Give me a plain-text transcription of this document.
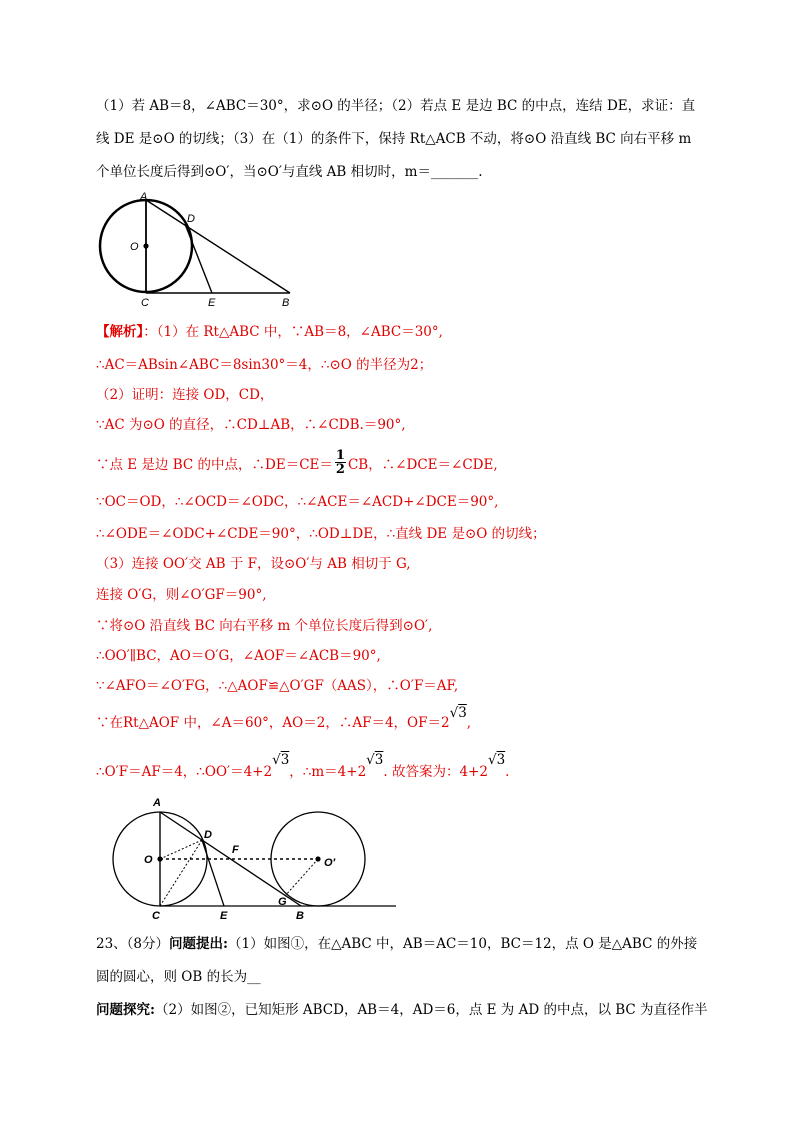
（1）若 AB＝8，∠ABC＝30°，求⊙O 的半径；（2）若点 E 是边 BC 的中点，连结 DE，求证：直
线 DE 是⊙O 的切线；（3）在（1）的条件下，保持 Rt△ACB 不动，将⊙O 沿直线 BC 向右平移 m
个单位长度后得到⊙O′，当⊙O′与直线 AB 相切时，m＝_______.
A
D
O
C	E	B
【解析】：（1）在 Rt△ABC 中，∵AB＝8，∠ABC＝30°,
∴AC＝ABsin∠ABC＝8sin30°＝4，∴⊙O 的半径为2；
（2）证明：连接 OD，CD，
∵AC 为⊙O 的直径，∴CD⊥AB，∴∠CDB.＝90°,
∵点 E 是边 BC 的中点，∴DE＝CE＝ $\frac{1}{2}$ CB，∴∠DCE＝∠CDE,
∵OC＝OD，∴∠OCD＝∠ODC，∴∠ACE＝∠ACD+∠DCE＝90°,
∴∠ODE＝∠ODC+∠CDE＝90°，∴OD⊥DE，∴直线 DE 是⊙O 的切线；
（3）连接 OO′交 AB 于 F，设⊙O′与 AB 相切于 G,
连接 O′G，则∠O′GF＝90°,
∵将⊙O 沿直线 BC 向右平移 m 个单位长度后得到⊙O′,
∴OO′∥BC，AO＝O′G，∠AOF＝∠ACB＝90°,
∵∠AFO＝∠O′FG，∴△AOF≌△O′GF（AAS），∴O′F＝AF,
∵在Rt△AOF 中，∠A＝60°，AO＝2，∴AF＝4，OF＝2√3,
∴O′F＝AF＝4，∴OO′＝4+2√3，∴m＝4+2√3. 故答案为：4+2√3.
A
D
F
O	O′
C	E
G
B
23、（8分）问题提出:（1）如图①，在△ABC 中，AB＝AC＝10，BC＝12，点 O 是△ABC 的外接
圆的圆心，则 OB 的长为__
问题探究:（2）如图②，已知矩形 ABCD，AB＝4，AD＝6，点 E 为 AD 的中点，以 BC 为直径作半
